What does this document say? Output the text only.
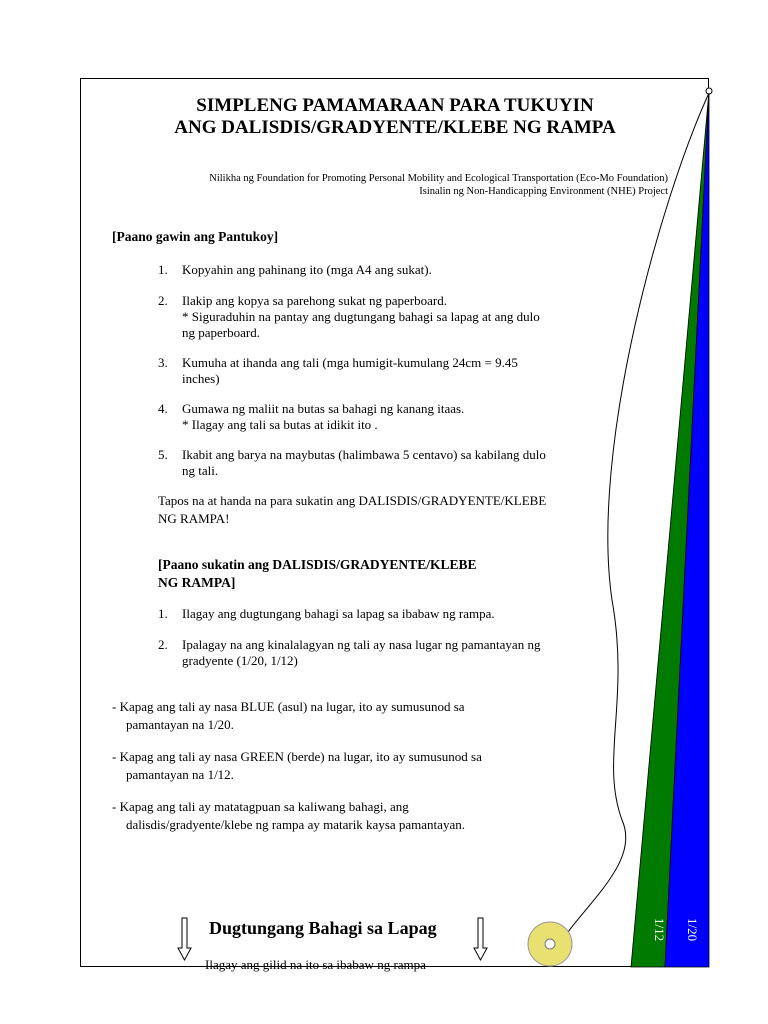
SIMPLENG PAMAMARAAN PARA TUKUYIN
ANG DALISDIS/GRADYENTE/KLEBE NG RAMPA
Nilikha ng Foundation for Promoting Personal Mobility and Ecological Transportation (Eco-Mo Foundation)
Isinalin ng Non-Handicapping Environment (NHE) Project
[Paano gawin ang Pantukoy]
1.	Kopyahin ang pahinang ito (mga A4 ang sukat).
2.	Ilakip ang kopya sa parehong sukat ng paperboard.
* Siguraduhin na pantay ang dugtungang bahagi sa lapag at ang dulo
ng paperboard.
3.	Kumuha at ihanda ang tali (mga humigit-kumulang 24cm = 9.45
inches)
4.	Gumawa ng maliit na butas sa bahagi ng kanang itaas.
* Ilagay ang tali sa butas at idikit ito .
5.	Ikabit ang barya na maybutas (halimbawa 5 centavo) sa kabilang dulo
ng tali.
Tapos na at handa na para sukatin ang DALISDIS/GRADYENTE/KLEBE
NG RAMPA!
[Paano sukatin ang DALISDIS/GRADYENTE/KLEBE
NG RAMPA]
1.	Ilagay ang dugtungang bahagi sa lapag sa ibabaw ng rampa.
2.	Ipalagay na ang kinalalagyan ng tali ay nasa lugar ng pamantayan ng
gradyente (1/20, 1/12)
- Kapag ang tali ay nasa BLUE (asul) na lugar, ito ay sumusunod sa
pamantayan na 1/20.
- Kapag ang tali ay nasa GREEN (berde) na lugar, ito ay sumusunod sa
pamantayan na 1/12.
- Kapag ang tali ay matatagpuan sa kaliwang bahagi, ang
dalisdis/gradyente/klebe ng rampa ay matarik kaysa pamantayan.
Dugtungang Bahagi sa Lapag
Ilagay ang gilid na ito sa ibabaw ng rampa
1/12 1/20
